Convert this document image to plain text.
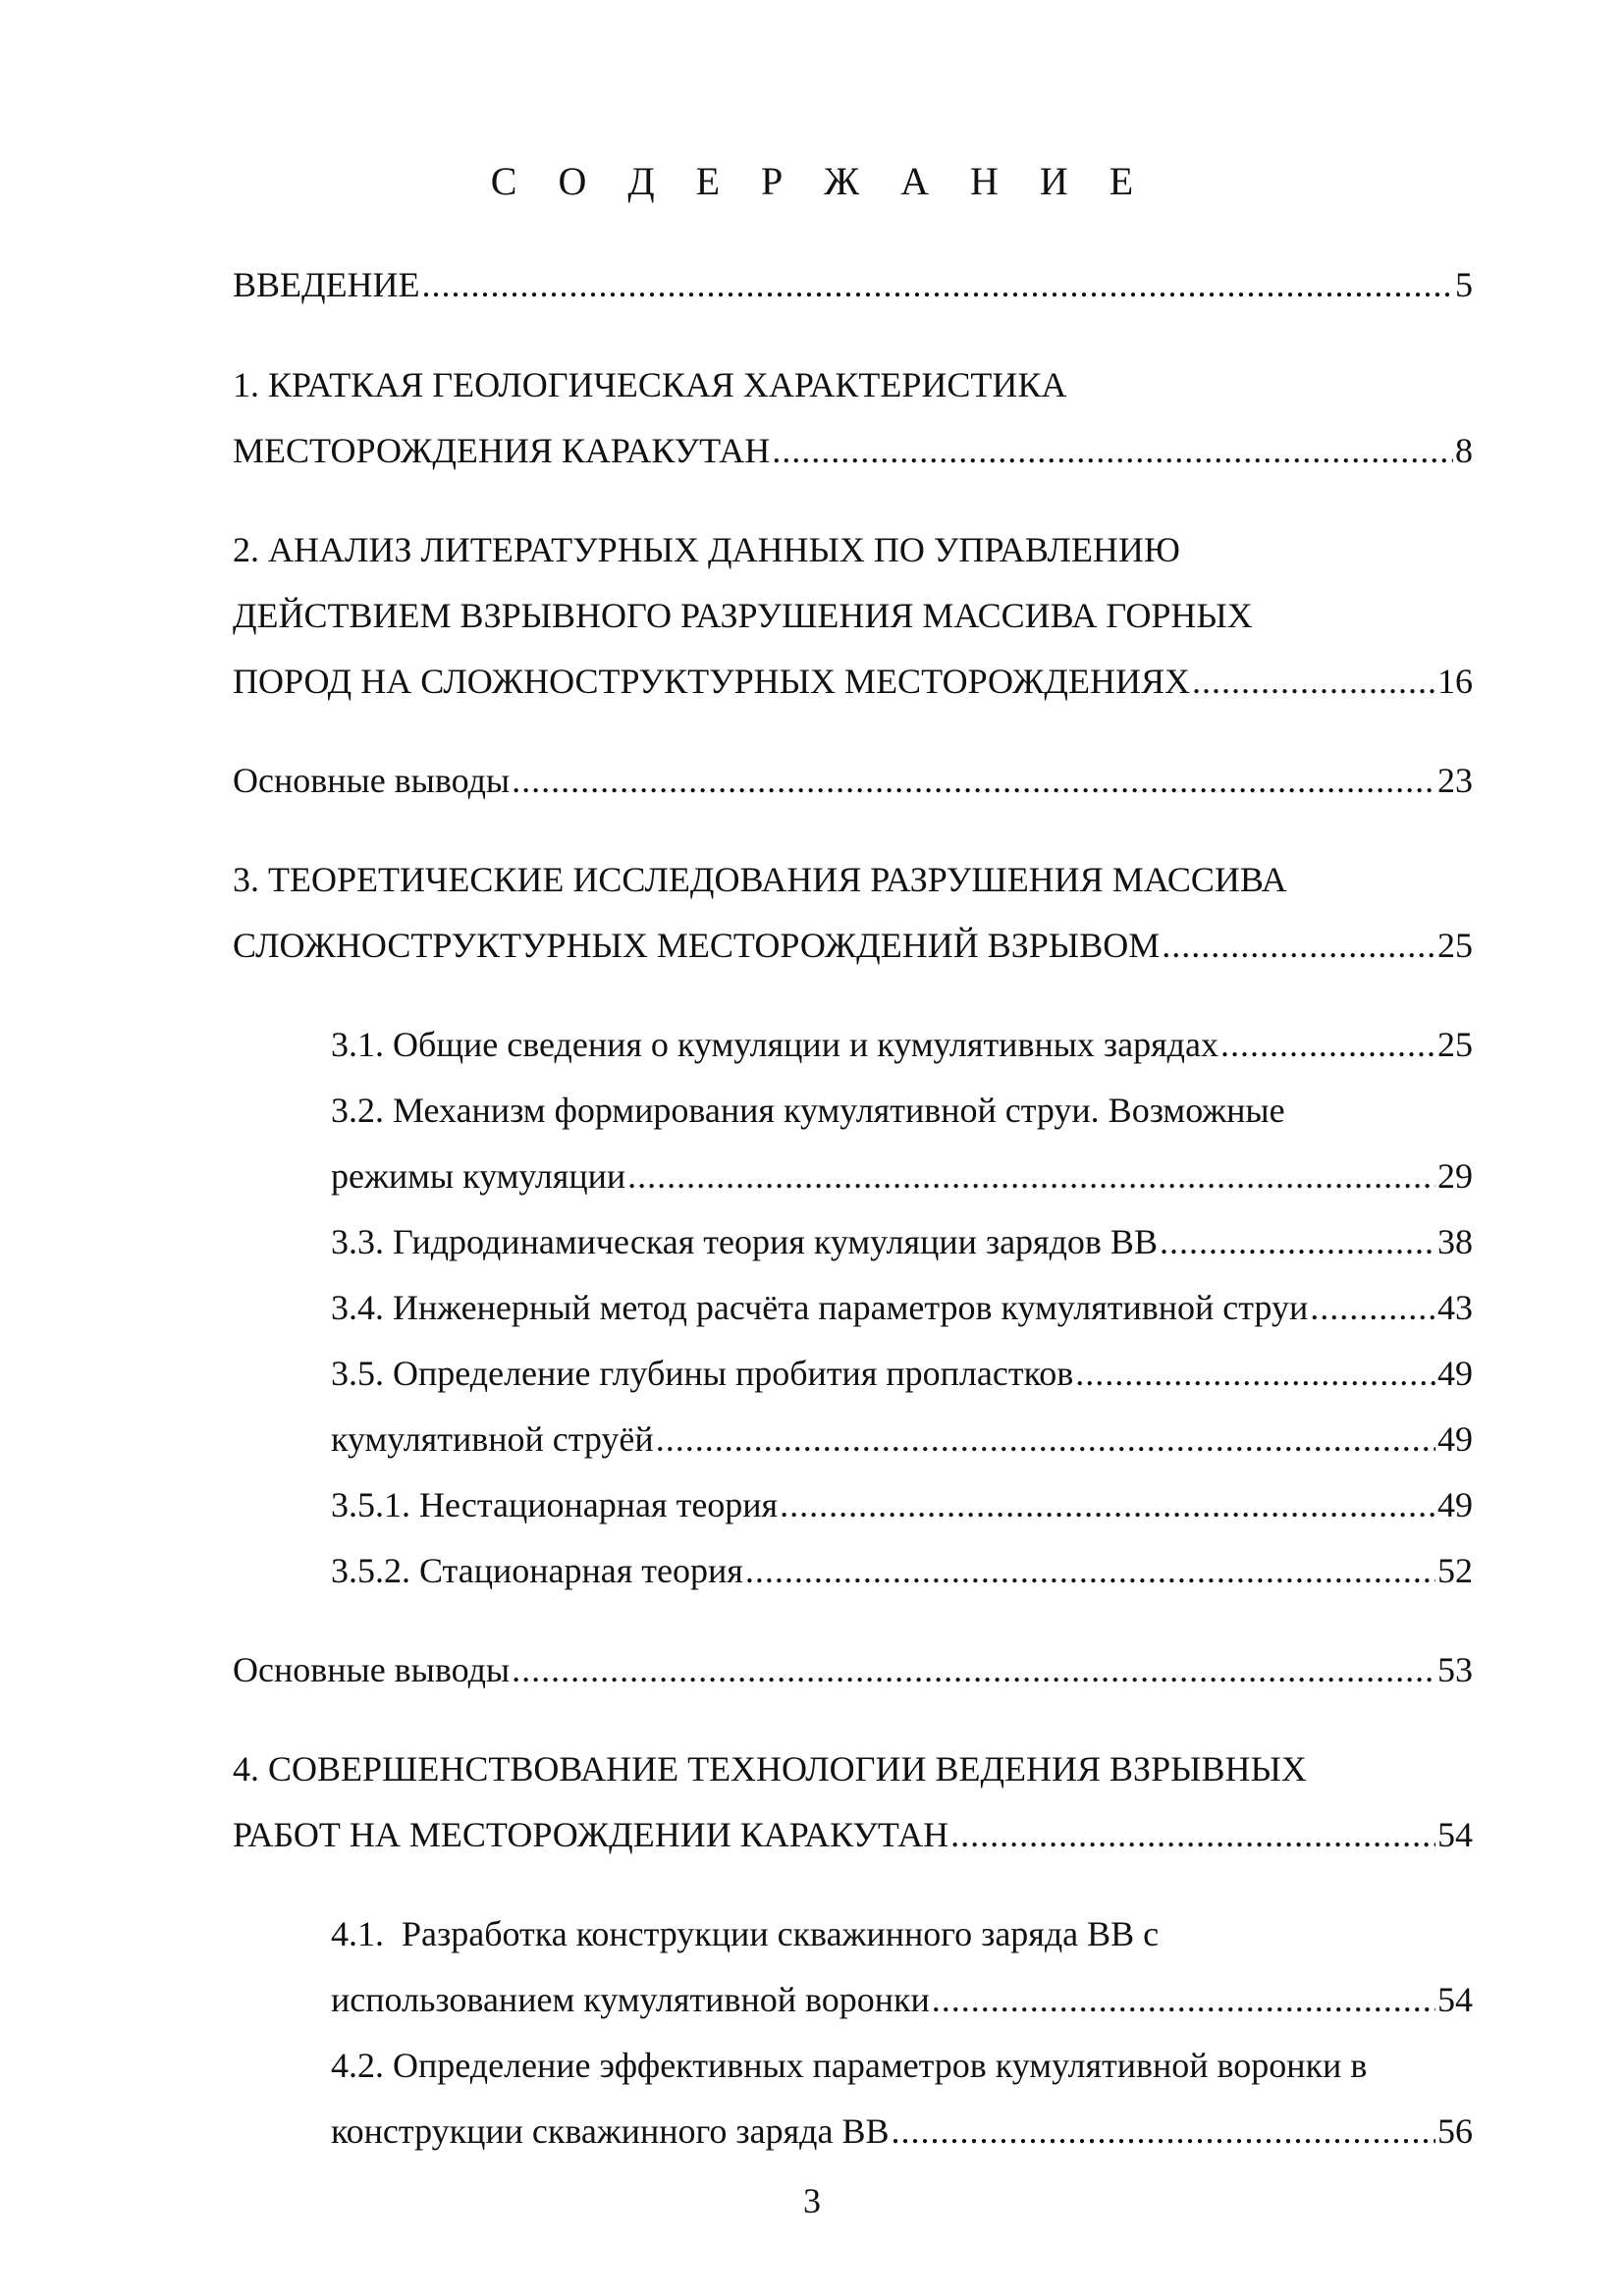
С О Д Е Р Ж А Н И Е
ВВЕДЕНИЕ .....	5
1. КРАТКАЯ ГЕОЛОГИЧЕСКАЯ ХАРАКТЕРИСТИКА
МЕСТОРОЖДЕНИЯ КАРАКУТАН .....	8
2. АНАЛИЗ ЛИТЕРАТУРНЫХ ДАННЫХ ПО УПРАВЛЕНИЮ
ДЕЙСТВИЕМ ВЗРЫВНОГО РАЗРУШЕНИЯ МАССИВА ГОРНЫХ
ПОРОД НА СЛОЖНОСТРУКТУРНЫХ МЕСТОРОЖДЕНИЯХ .....	16
Основные выводы .....	23
3. ТЕОРЕТИЧЕСКИЕ ИССЛЕДОВАНИЯ РАЗРУШЕНИЯ МАССИВА
СЛОЖНОСТРУКТУРНЫХ МЕСТОРОЖДЕНИЙ ВЗРЫВОМ .....	25
3.1. Общие сведения о кумуляции и кумулятивных зарядах .....	25
3.2. Механизм формирования кумулятивной струи. Возможные
режимы кумуляции .....	29
3.3. Гидродинамическая теория кумуляции зарядов ВВ .....	38
3.4. Инженерный метод расчёта параметров кумулятивной струи .....	43
3.5. Определение глубины пробития пропластков .....	49
кумулятивной струёй .....	49
3.5.1. Нестационарная теория .....	49
3.5.2. Стационарная теория .....	52
Основные выводы .....	53
4. СОВЕРШЕНСТВОВАНИЕ ТЕХНОЛОГИИ ВЕДЕНИЯ ВЗРЫВНЫХ
РАБОТ НА МЕСТОРОЖДЕНИИ КАРАКУТАН .....	54
4.1.  Разработка конструкции скважинного заряда ВВ с
использованием кумулятивной воронки .....	54
4.2. Определение эффективных параметров кумулятивной воронки в
конструкции скважинного заряда ВВ .....	56
3
